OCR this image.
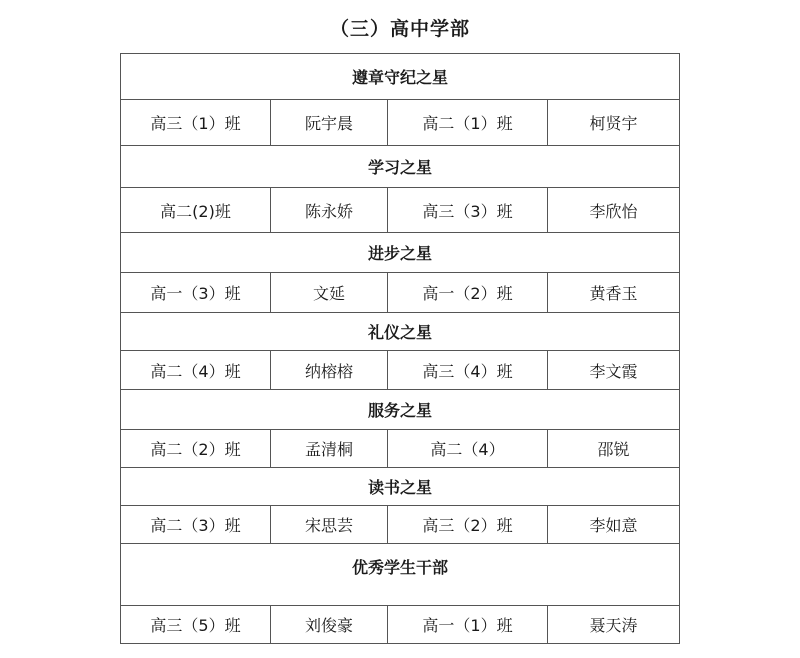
（三）高中学部
遵章守纪之星			
高三（1）班	阮宇晨	高二（1）班	柯贤宇
学习之星			
高二(2)班	陈永娇	高三（3）班	李欣怡
进步之星			
高一（3）班	文延	高一（2）班	黄香玉
礼仪之星			
高二（4）班	纳榕榕	高三（4）班	李文霞
服务之星			
高二（2）班	孟清桐	高二（4）	邵锐
读书之星			
高二（3）班	宋思芸	高三（2）班	李如意
优秀学生干部			
高三（5）班	刘俊豪	高一（1）班	聂天涛
